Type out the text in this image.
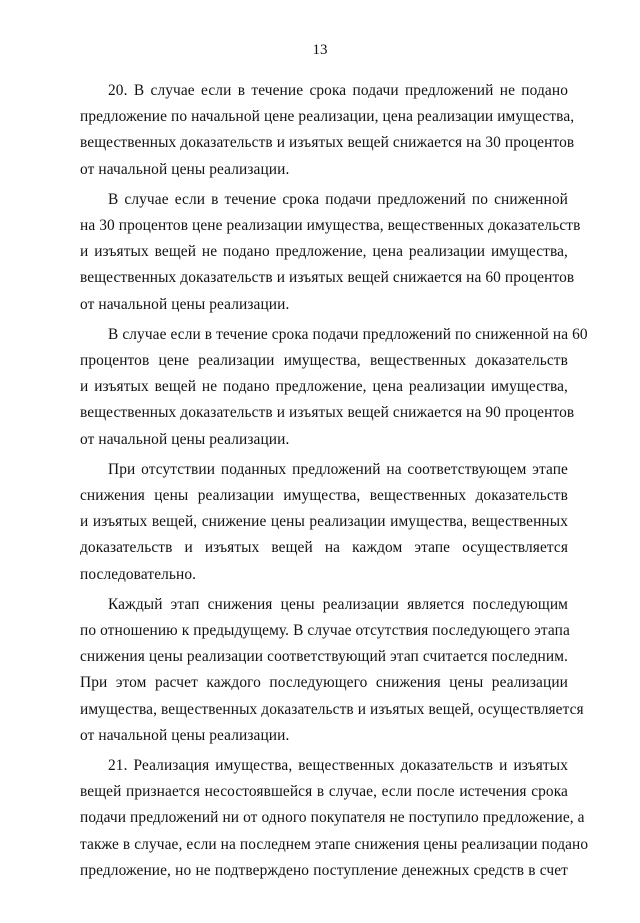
13
20. В случае если в течение срока подачи предложений не подано
предложение по начальной цене реализации, цена реализации имущества,
вещественных доказательств и изъятых вещей снижается на 30 процентов
от начальной цены реализации.
В случае если в течение срока подачи предложений по сниженной
на 30 процентов цене реализации имущества, вещественных доказательств
и изъятых вещей не подано предложение, цена реализации имущества,
вещественных доказательств и изъятых вещей снижается на 60 процентов
от начальной цены реализации.
В случае если в течение срока подачи предложений по сниженной на 60
процентов цене реализации имущества, вещественных доказательств
и изъятых вещей не подано предложение, цена реализации имущества,
вещественных доказательств и изъятых вещей снижается на 90 процентов
от начальной цены реализации.
При отсутствии поданных предложений на соответствующем этапе
снижения цены реализации имущества, вещественных доказательств
и изъятых вещей, снижение цены реализации имущества, вещественных
доказательств и изъятых вещей на каждом этапе осуществляется
последовательно.
Каждый этап снижения цены реализации является последующим
по отношению к предыдущему. В случае отсутствия последующего этапа
снижения цены реализации соответствующий этап считается последним.
При этом расчет каждого последующего снижения цены реализации
имущества, вещественных доказательств и изъятых вещей, осуществляется
от начальной цены реализации.
21. Реализация имущества, вещественных доказательств и изъятых
вещей признается несостоявшейся в случае, если после истечения срока
подачи предложений ни от одного покупателя не поступило предложение, а
также в случае, если на последнем этапе снижения цены реализации подано
предложение, но не подтверждено поступление денежных средств в счет
